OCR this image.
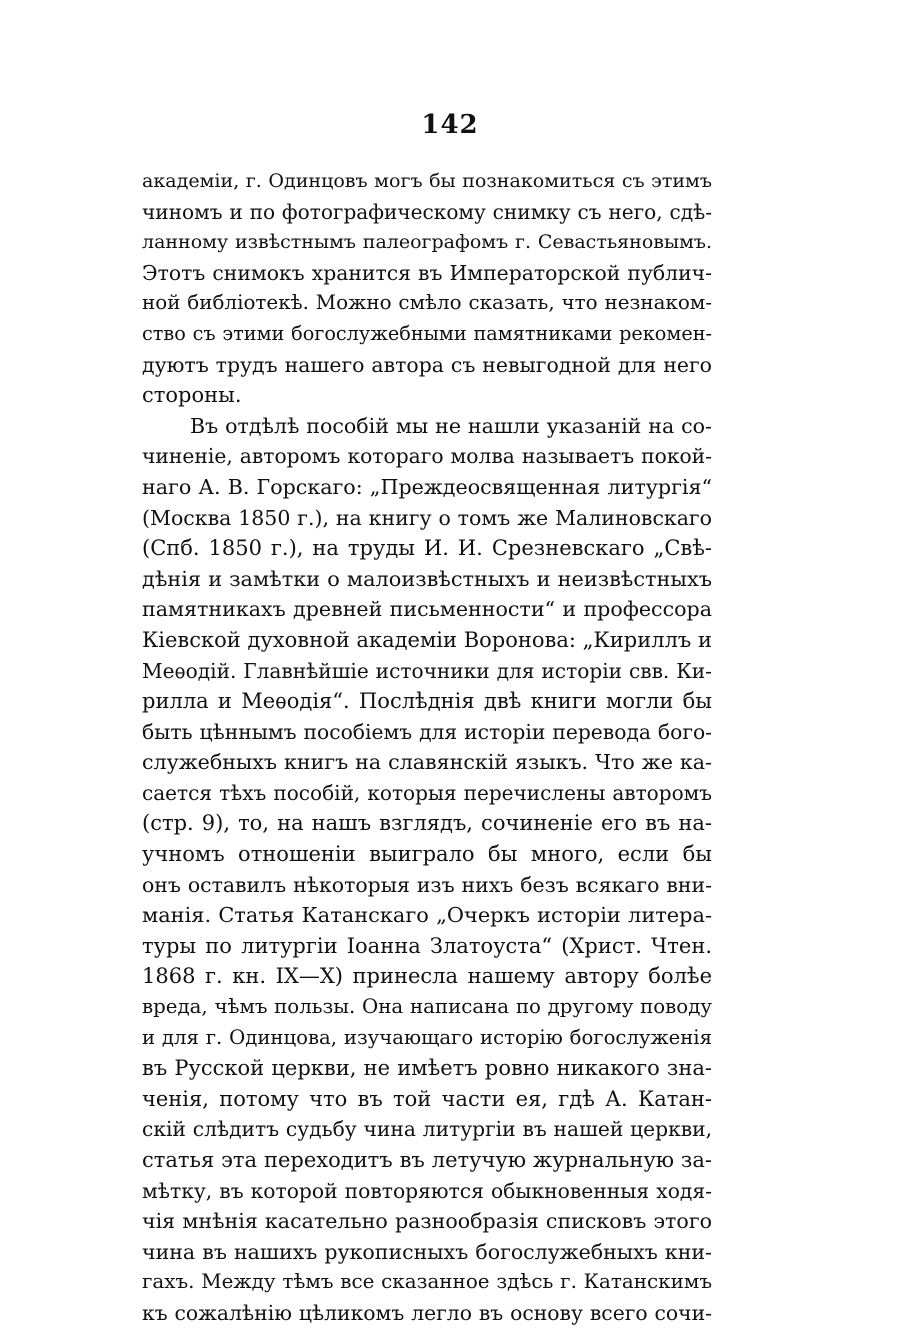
142
академіи, г. Одинцовъ могъ бы познакомиться съ этимъ
чиномъ и по фотографическому снимку съ него, сдѣ-
ланному извѣстнымъ палеографомъ г. Севастьяновымъ.
Этотъ снимокъ хранится въ Императорской публич-
ной библіотекѣ. Можно смѣло сказать, что незнаком-
ство съ этими богослужебными памятниками рекомен-
дуютъ трудъ нашего автора съ невыгодной для него
стороны.
Въ отдѣлѣ пособій мы не нашли указаній на со-
чиненіе, авторомъ котораго молва называетъ покой-
наго А. В. Горскаго: „Преждеосвященная литургія“
(Москва 1850 г.), на книгу о томъ же Малиновскаго
(Спб. 1850 г.), на труды И. И. Срезневскаго „Свѣ-
дѣнія и замѣтки о малоизвѣстныхъ и неизвѣстныхъ
памятникахъ древней письменности“ и профессора
Кіевской духовной академіи Воронова: „Кириллъ и
Меѳодій. Главнѣйшіе источники для исторіи свв. Ки-
рилла и Меѳодія“. Послѣднія двѣ книги могли бы
быть цѣннымъ пособіемъ для исторіи перевода бого-
служебныхъ книгъ на славянскій языкъ. Что же ка-
сается тѣхъ пособій, которыя перечислены авторомъ
(стр. 9), то, на нашъ взглядъ, сочиненіе его въ на-
учномъ отношеніи выиграло бы много, если бы
онъ оставилъ нѣкоторыя изъ нихъ безъ всякаго вни-
манія. Статья Катанскаго „Очеркъ исторіи литера-
туры по литургіи Іоанна Златоуста“ (Христ. Чтен.
1868 г. кн. IX—X) принесла нашему автору болѣе
вреда, чѣмъ пользы. Она написана по другому поводу
и для г. Одинцова, изучающаго исторію богослуженія
въ Русской церкви, не имѣетъ ровно никакого зна-
ченія, потому что въ той части ея, гдѣ А. Катан-
скій слѣдитъ судьбу чина литургіи въ нашей церкви,
статья эта переходитъ въ летучую журнальную за-
мѣтку, въ которой повторяются обыкновенныя ходя-
чія мнѣнія касательно разнообразія списковъ этого
чина въ нашихъ рукописныхъ богослужебныхъ кни-
гахъ. Между тѣмъ все сказанное здѣсь г. Катанскимъ
къ сожалѣнію цѣликомъ легло въ основу всего сочи-
